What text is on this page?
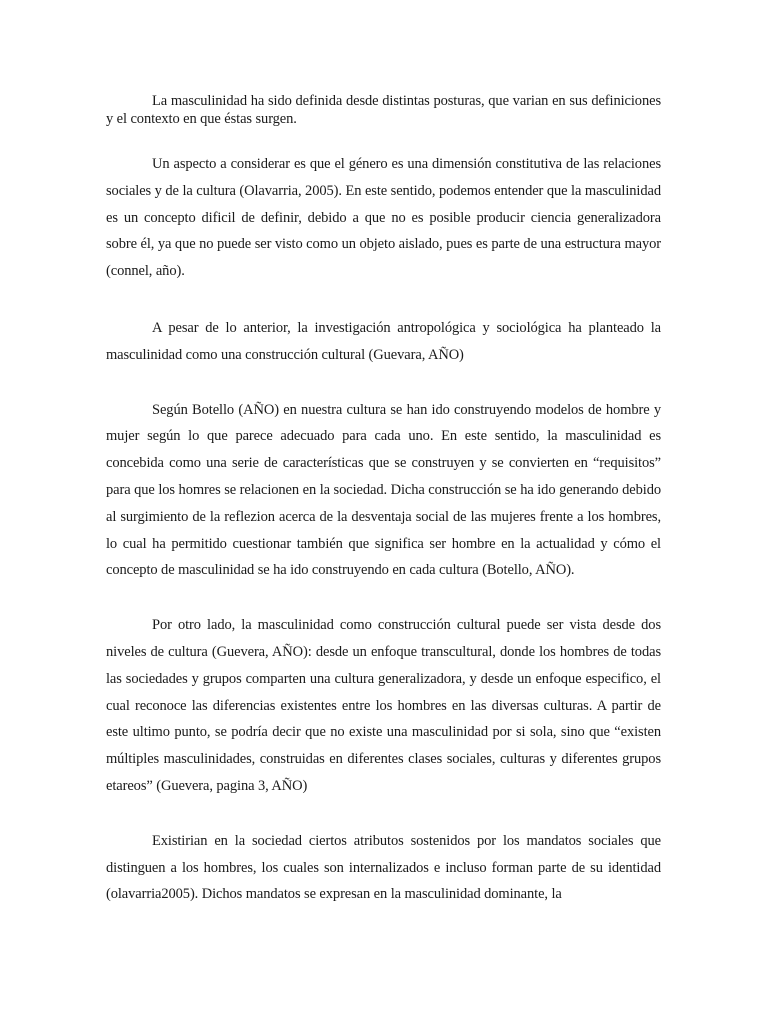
La masculinidad ha sido definida desde distintas posturas, que varian en sus definiciones y el contexto en que éstas surgen.

Un aspecto a considerar es que el género es una dimensión constitutiva de las relaciones sociales y de la cultura (Olavarria, 2005). En este sentido, podemos entender que la masculinidad es un concepto dificil de definir, debido a que no es posible producir ciencia generalizadora sobre él, ya que no puede ser visto como un objeto aislado, pues es parte de una estructura mayor (connel, año).

A pesar de lo anterior, la investigación antropológica y sociológica ha planteado la masculinidad como una construcción cultural (Guevara, AÑO)

Según Botello (AÑO) en nuestra cultura se han ido construyendo modelos de hombre y mujer según lo que parece adecuado para cada uno. En este sentido, la masculinidad es concebida como una serie de características que se construyen y se convierten en “requisitos” para que los homres se relacionen en la sociedad. Dicha construcción se ha ido generando debido al surgimiento de la reflezion acerca de la desventaja social de las mujeres frente a los hombres, lo cual ha permitido cuestionar también que significa ser hombre en la actualidad y cómo el concepto de masculinidad se ha ido construyendo en cada cultura (Botello, AÑO).

Por otro lado, la masculinidad como construcción cultural puede ser vista desde dos niveles de cultura (Guevera, AÑO): desde un enfoque transcultural, donde los hombres de todas las sociedades y grupos comparten una cultura generalizadora, y desde un enfoque especifico, el cual reconoce las diferencias existentes entre los hombres en las diversas culturas. A partir de este ultimo punto, se podría decir que no existe una masculinidad por si sola, sino que “existen múltiples masculinidades, construidas en diferentes clases sociales, culturas y diferentes grupos etareos” (Guevera, pagina 3, AÑO)

Existirian en la sociedad ciertos atributos sostenidos por los mandatos sociales que distinguen a los hombres, los cuales son internalizados e incluso forman parte de su identidad (olavarria2005). Dichos mandatos se expresan en la masculinidad dominante, la
